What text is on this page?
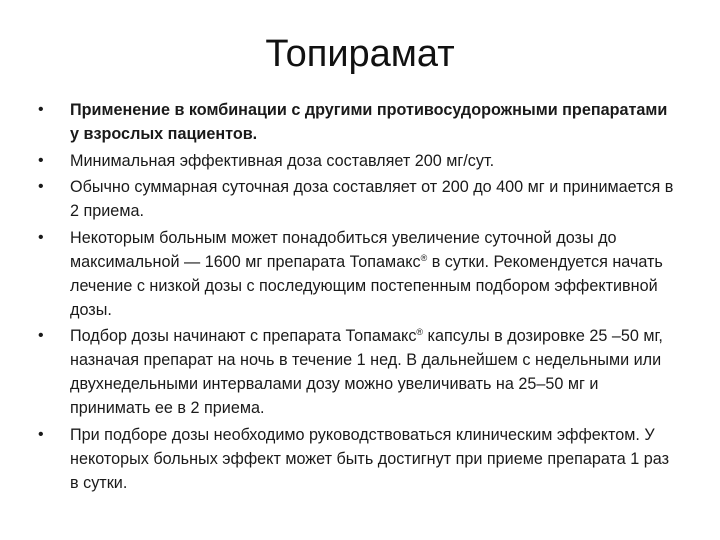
Топирамат
•	Применение в комбинации с другими противосудорожными препаратами у взрослых пациентов.
•	Минимальная эффективная доза составляет 200 мг/сут.
•	Обычно суммарная суточная доза составляет от 200 до 400 мг и принимается в 2 приема.
•	Некоторым больным может понадобиться увеличение суточной дозы до максимальной — 1600 мг препарата Топамакс® в сутки. Рекомендуется начать лечение с низкой дозы с последующим постепенным подбором эффективной дозы.
•	Подбор дозы начинают с препарата Топамакс® капсулы в дозировке 25 –50 мг, назначая препарат на ночь в течение 1 нед. В дальнейшем с недельными или двухнедельными интервалами дозу можно увеличивать на 25–50 мг и принимать ее в 2 приема.
•	При подборе дозы необходимо руководствоваться клиническим эффектом. У некоторых больных эффект может быть достигнут при приеме препарата 1 раз в сутки.
